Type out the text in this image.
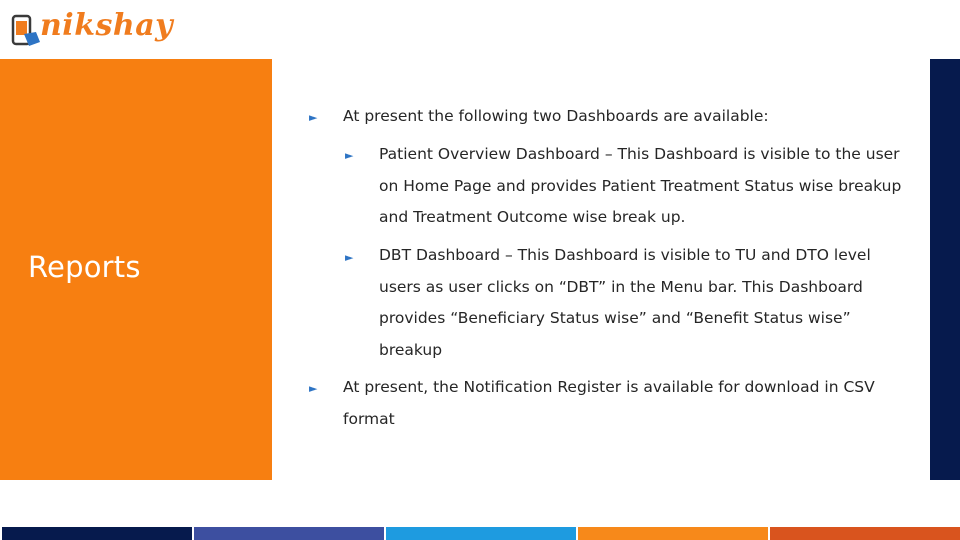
nikshay
Reports
► At present the following two Dashboards are available:
► Patient Overview Dashboard – This Dashboard is visible to the user on Home Page and provides Patient Treatment Status wise breakup and Treatment Outcome wise break up.
► DBT Dashboard – This Dashboard is visible to TU and DTO level users as user clicks on “DBT” in the Menu bar. This Dashboard provides “Beneficiary Status wise” and “Benefit Status wise” breakup
► At present, the Notification Register is available for download in CSV format
